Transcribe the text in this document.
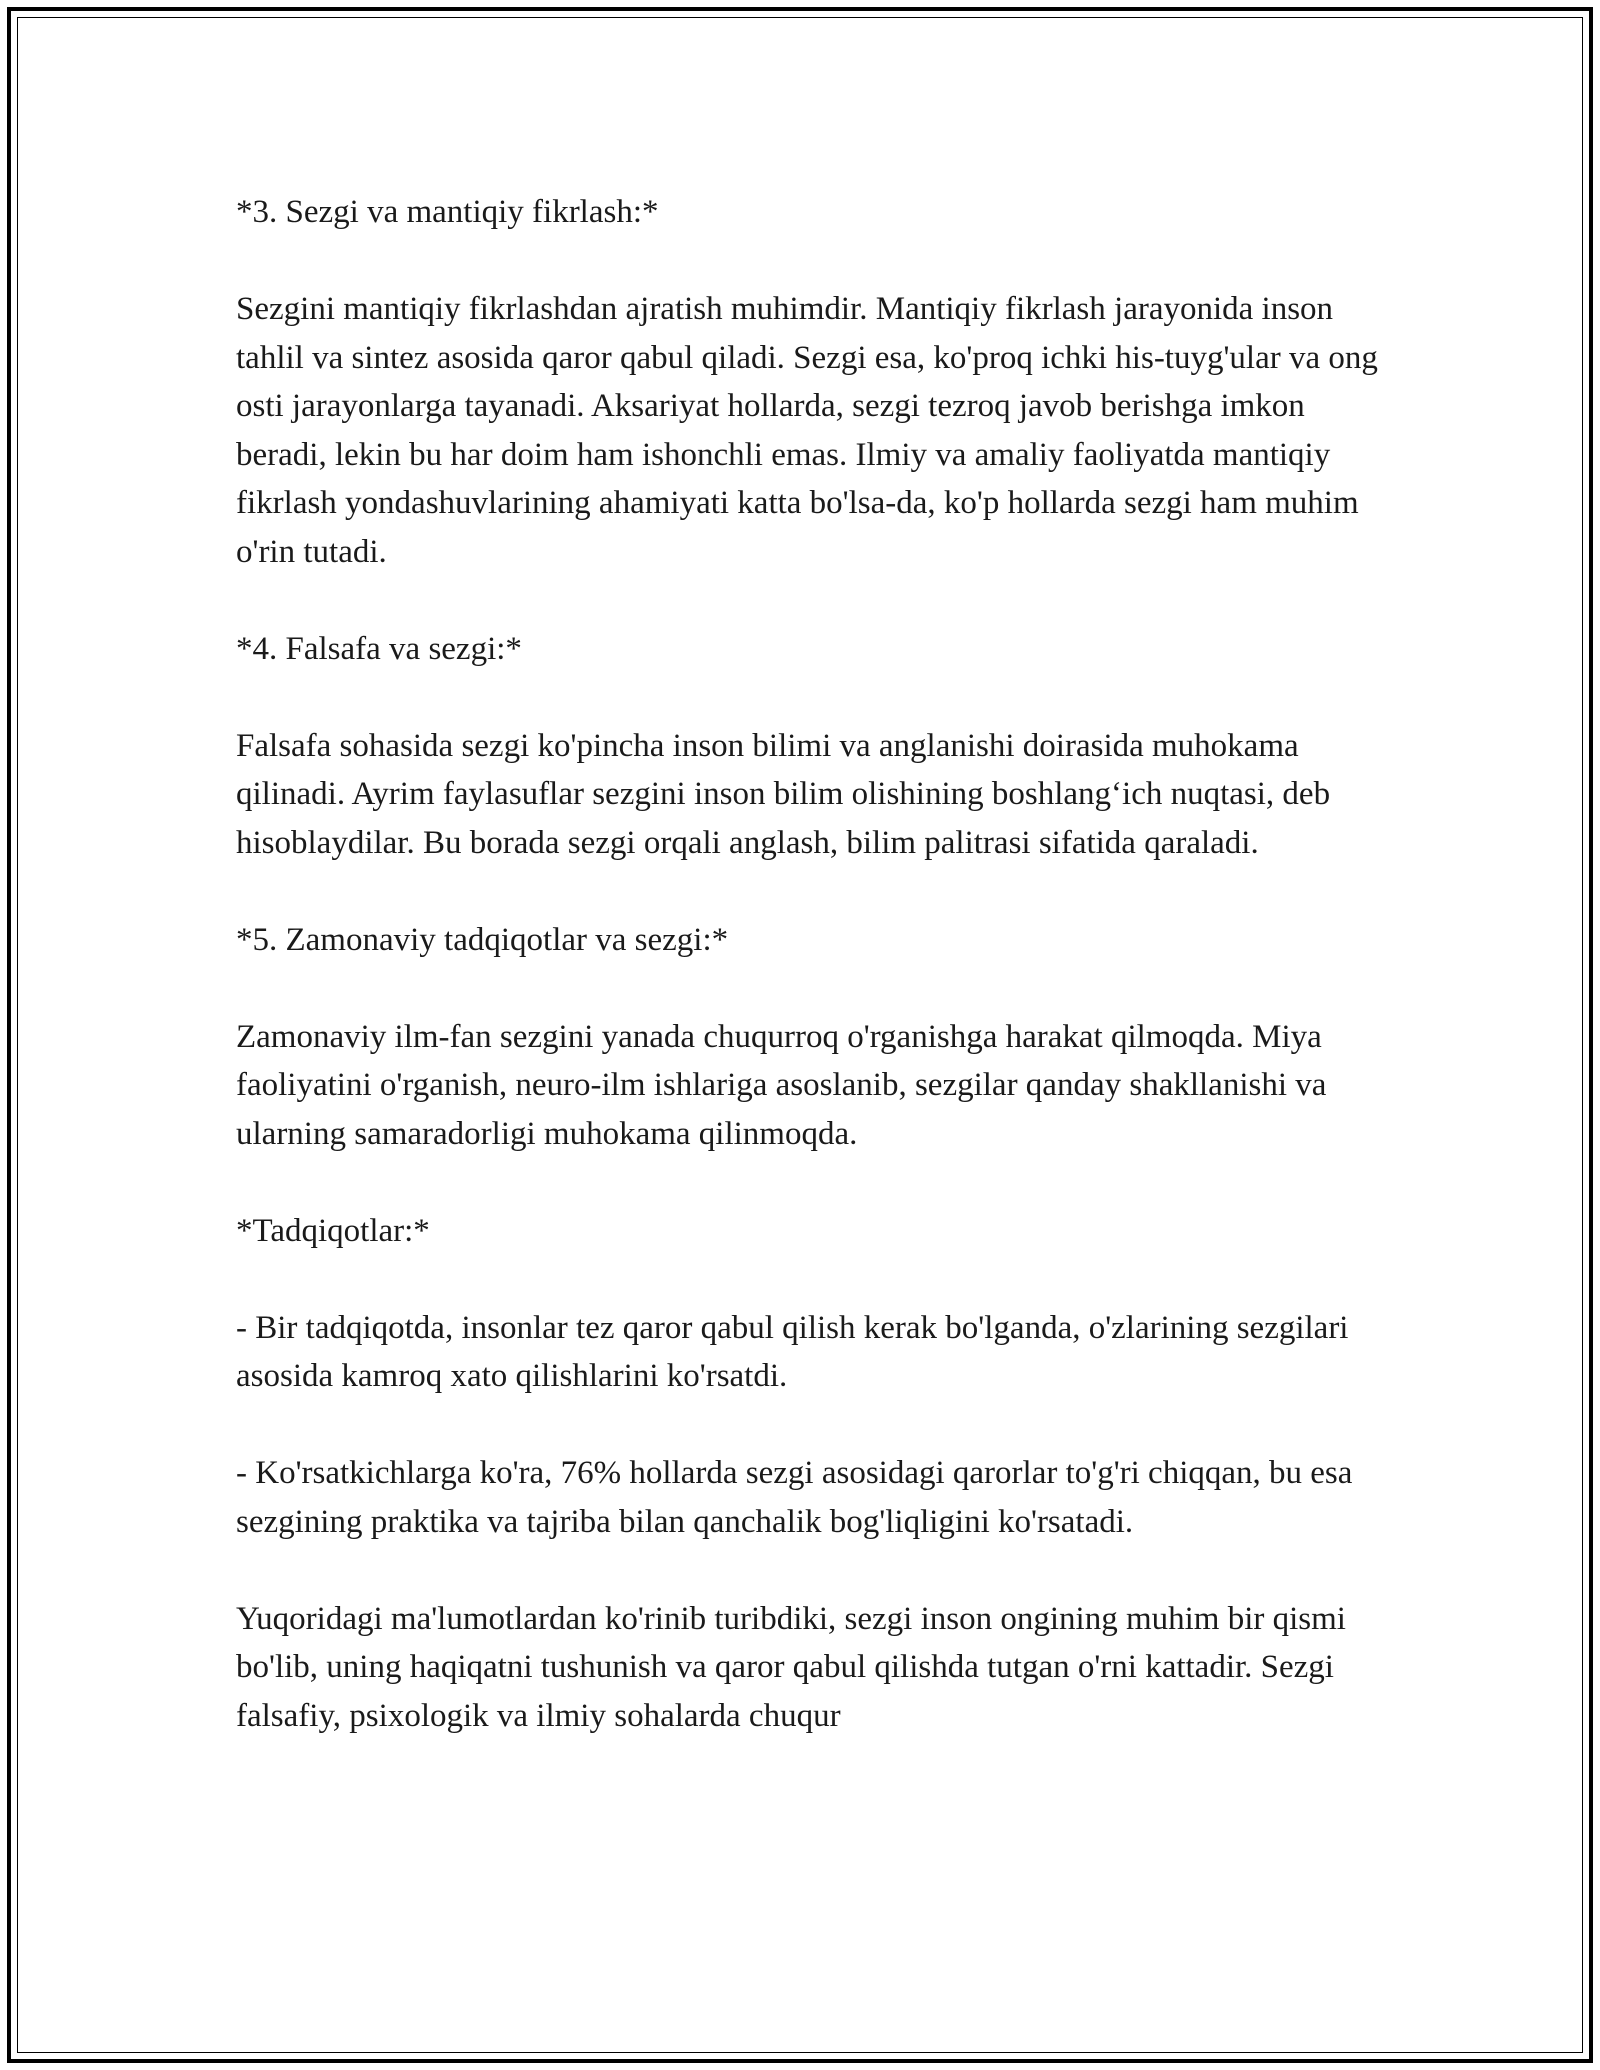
*3. Sezgi va mantiqiy fikrlash:*

Sezgini mantiqiy fikrlashdan ajratish muhimdir. Mantiqiy fikrlash jarayonida inson tahlil va sintez asosida qaror qabul qiladi. Sezgi esa, ko'proq ichki his-tuyg'ular va ong osti jarayonlarga tayanadi. Aksariyat hollarda, sezgi tezroq javob berishga imkon beradi, lekin bu har doim ham ishonchli emas. Ilmiy va amaliy faoliyatda mantiqiy fikrlash yondashuvlarining ahamiyati katta bo'lsa-da, ko'p hollarda sezgi ham muhim o'rin tutadi.

*4. Falsafa va sezgi:*

Falsafa sohasida sezgi ko'pincha inson bilimi va anglanishi doirasida muhokama qilinadi. Ayrim faylasuflar sezgini inson bilim olishining boshlang‘ich nuqtasi, deb hisoblaydilar. Bu borada sezgi orqali anglash, bilim palitrasi sifatida qaraladi.

*5. Zamonaviy tadqiqotlar va sezgi:*

Zamonaviy ilm-fan sezgini yanada chuqurroq o'rganishga harakat qilmoqda. Miya faoliyatini o'rganish, neuro-ilm ishlariga asoslanib, sezgilar qanday shakllanishi va ularning samaradorligi muhokama qilinmoqda.

*Tadqiqotlar:*

- Bir tadqiqotda, insonlar tez qaror qabul qilish kerak bo'lganda, o'zlarining sezgilari asosida kamroq xato qilishlarini ko'rsatdi.

- Ko'rsatkichlarga ko'ra, 76% hollarda sezgi asosidagi qarorlar to'g'ri chiqqan, bu esa sezgining praktika va tajriba bilan qanchalik bog'liqligini ko'rsatadi.

Yuqoridagi ma'lumotlardan ko'rinib turibdiki, sezgi inson ongining muhim bir qismi bo'lib, uning haqiqatni tushunish va qaror qabul qilishda tutgan o'rni kattadir. Sezgi falsafiy, psixologik va ilmiy sohalarda chuqur
